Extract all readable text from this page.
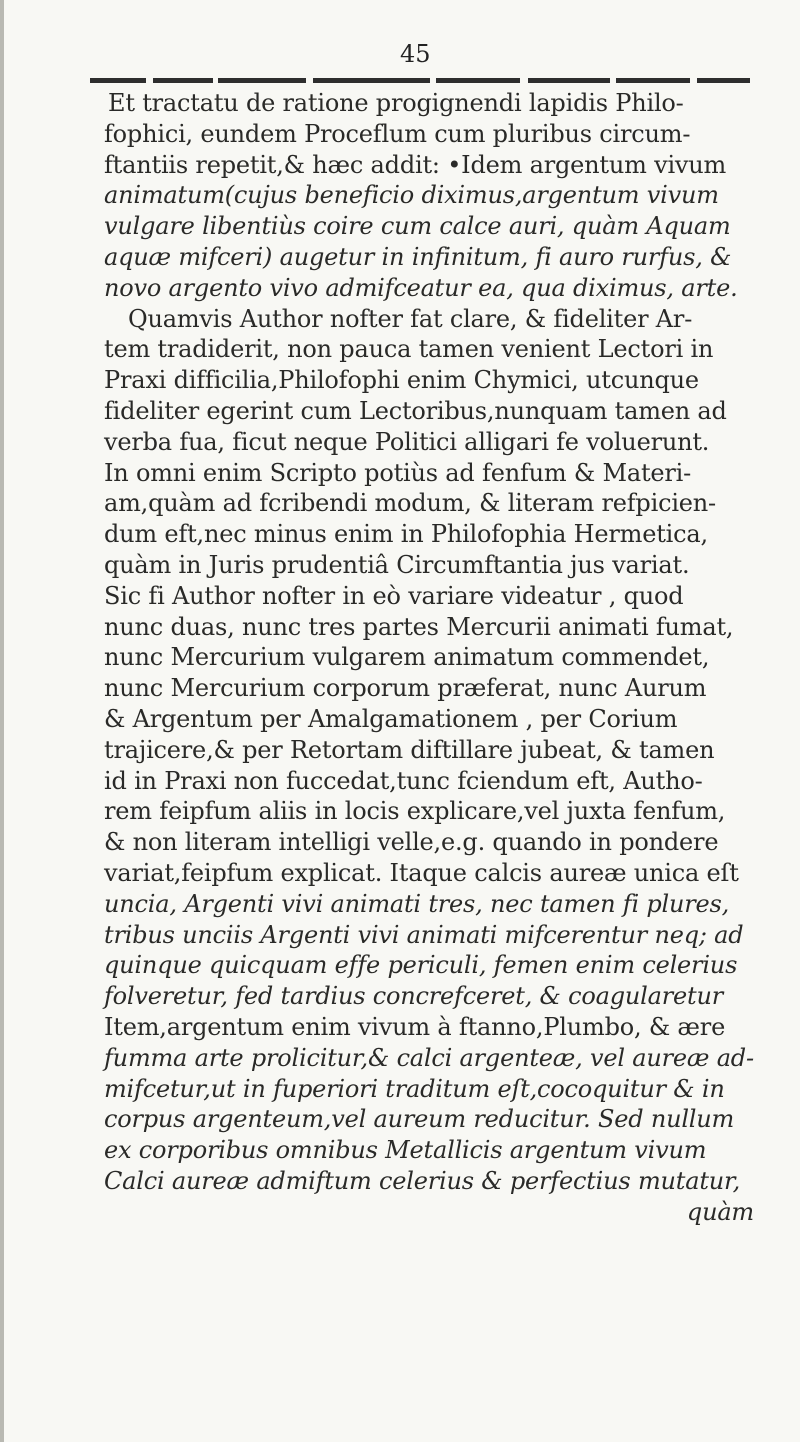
45
Et tractatu de ratione progignendi lapidis Philo-
fophici, eundem Proceflum cum pluribus circum-
ftantiis repetit,& hæc addit: •Idem argentum vivum
animatum(cujus beneficio diximus,argentum vivum
vulgare libentiùs coire cum calce auri, quàm Aquam
aquæ mifceri) augetur in infinitum, fi auro rurfus, &
novo argento vivo admifceatur ea, qua diximus, arte.
Quamvis Author nofter fat clare, & fideliter Ar-
tem tradiderit, non pauca tamen venient Lectori in
Praxi difficilia,Philofophi enim Chymici, utcunque
fideliter egerint cum Lectoribus,nunquam tamen ad
verba fua, ficut neque Politici alligari fe voluerunt.
In omni enim Scripto potiùs ad fenfum & Materi-
am,quàm ad fcribendi modum, & literam refpicien-
dum eft,nec minus enim in Philofophia Hermetica,
quàm in Juris prudentiâ Circumftantia jus variat.
Sic fi Author nofter in eò variare videatur , quod
nunc duas, nunc tres partes Mercurii animati fumat,
nunc Mercurium vulgarem animatum commendet,
nunc Mercurium corporum præferat, nunc Aurum
& Argentum per Amalgamationem , per Corium
trajicere,& per Retortam diftillare jubeat, & tamen
id in Praxi non fuccedat,tunc fciendum eft, Autho-
rem feipfum aliis in locis explicare,vel juxta fenfum,
& non literam intelligi velle,e.g. quando in pondere
variat,feipfum explicat. Itaque calcis aureæ unica eſt
uncia, Argenti vivi animati tres, nec tamen fi plures,
tribus unciis Argenti vivi animati mifcerentur neq; ad
quinque quicquam effe periculi, femen enim celerius
folveretur, fed tardius concrefceret, & coagularetur
Item,argentum enim vivum à ftanno,Plumbo, & ære
fumma arte prolicitur,& calci argenteæ, vel aureæ ad-
mifcetur,ut in fuperiori traditum eſt,cocoquitur & in
corpus argenteum,vel aureum reducitur. Sed nullum
ex corporibus omnibus Metallicis argentum vivum
Calci aureæ admiftum celerius & perfectius mutatur,
quàm
